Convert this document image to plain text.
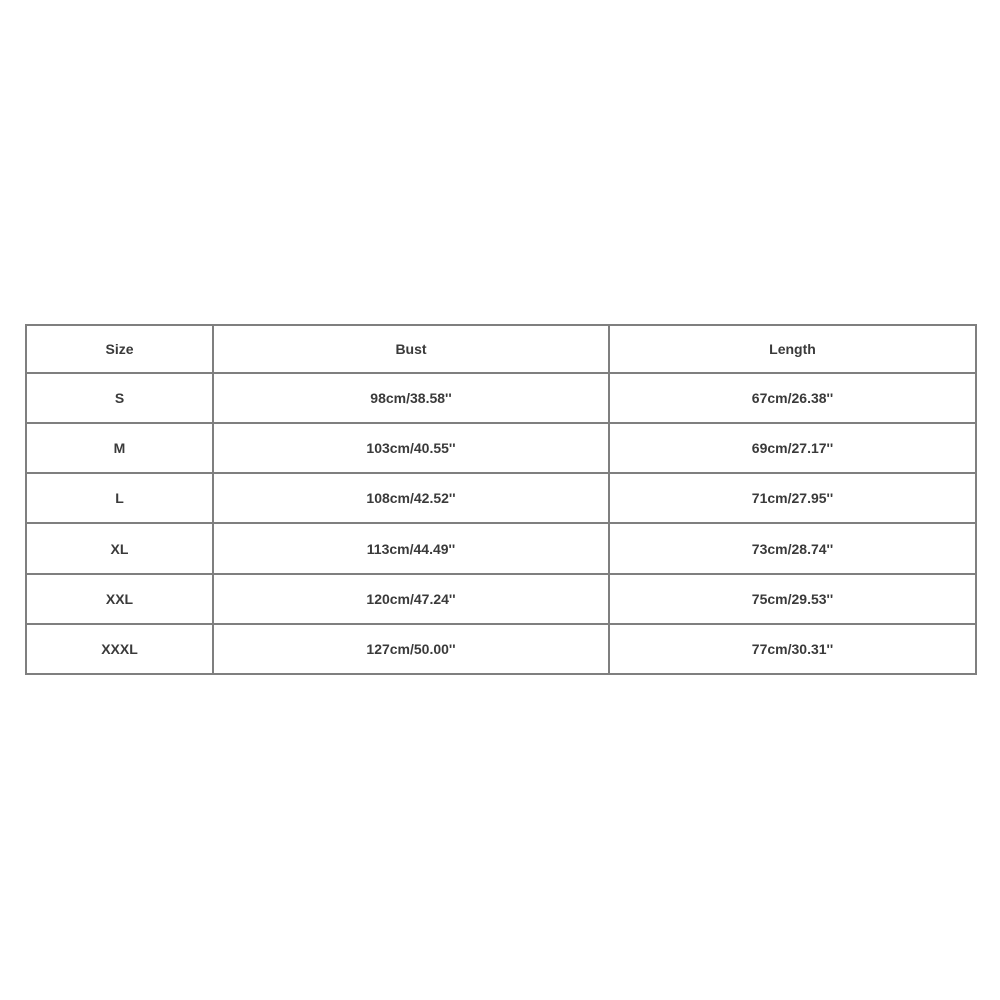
Size	Bust	Length
S	98cm/38.58''	67cm/26.38''
M	103cm/40.55''	69cm/27.17''
L	108cm/42.52''	71cm/27.95''
XL	113cm/44.49''	73cm/28.74''
XXL	120cm/47.24''	75cm/29.53''
XXXL	127cm/50.00''	77cm/30.31''
